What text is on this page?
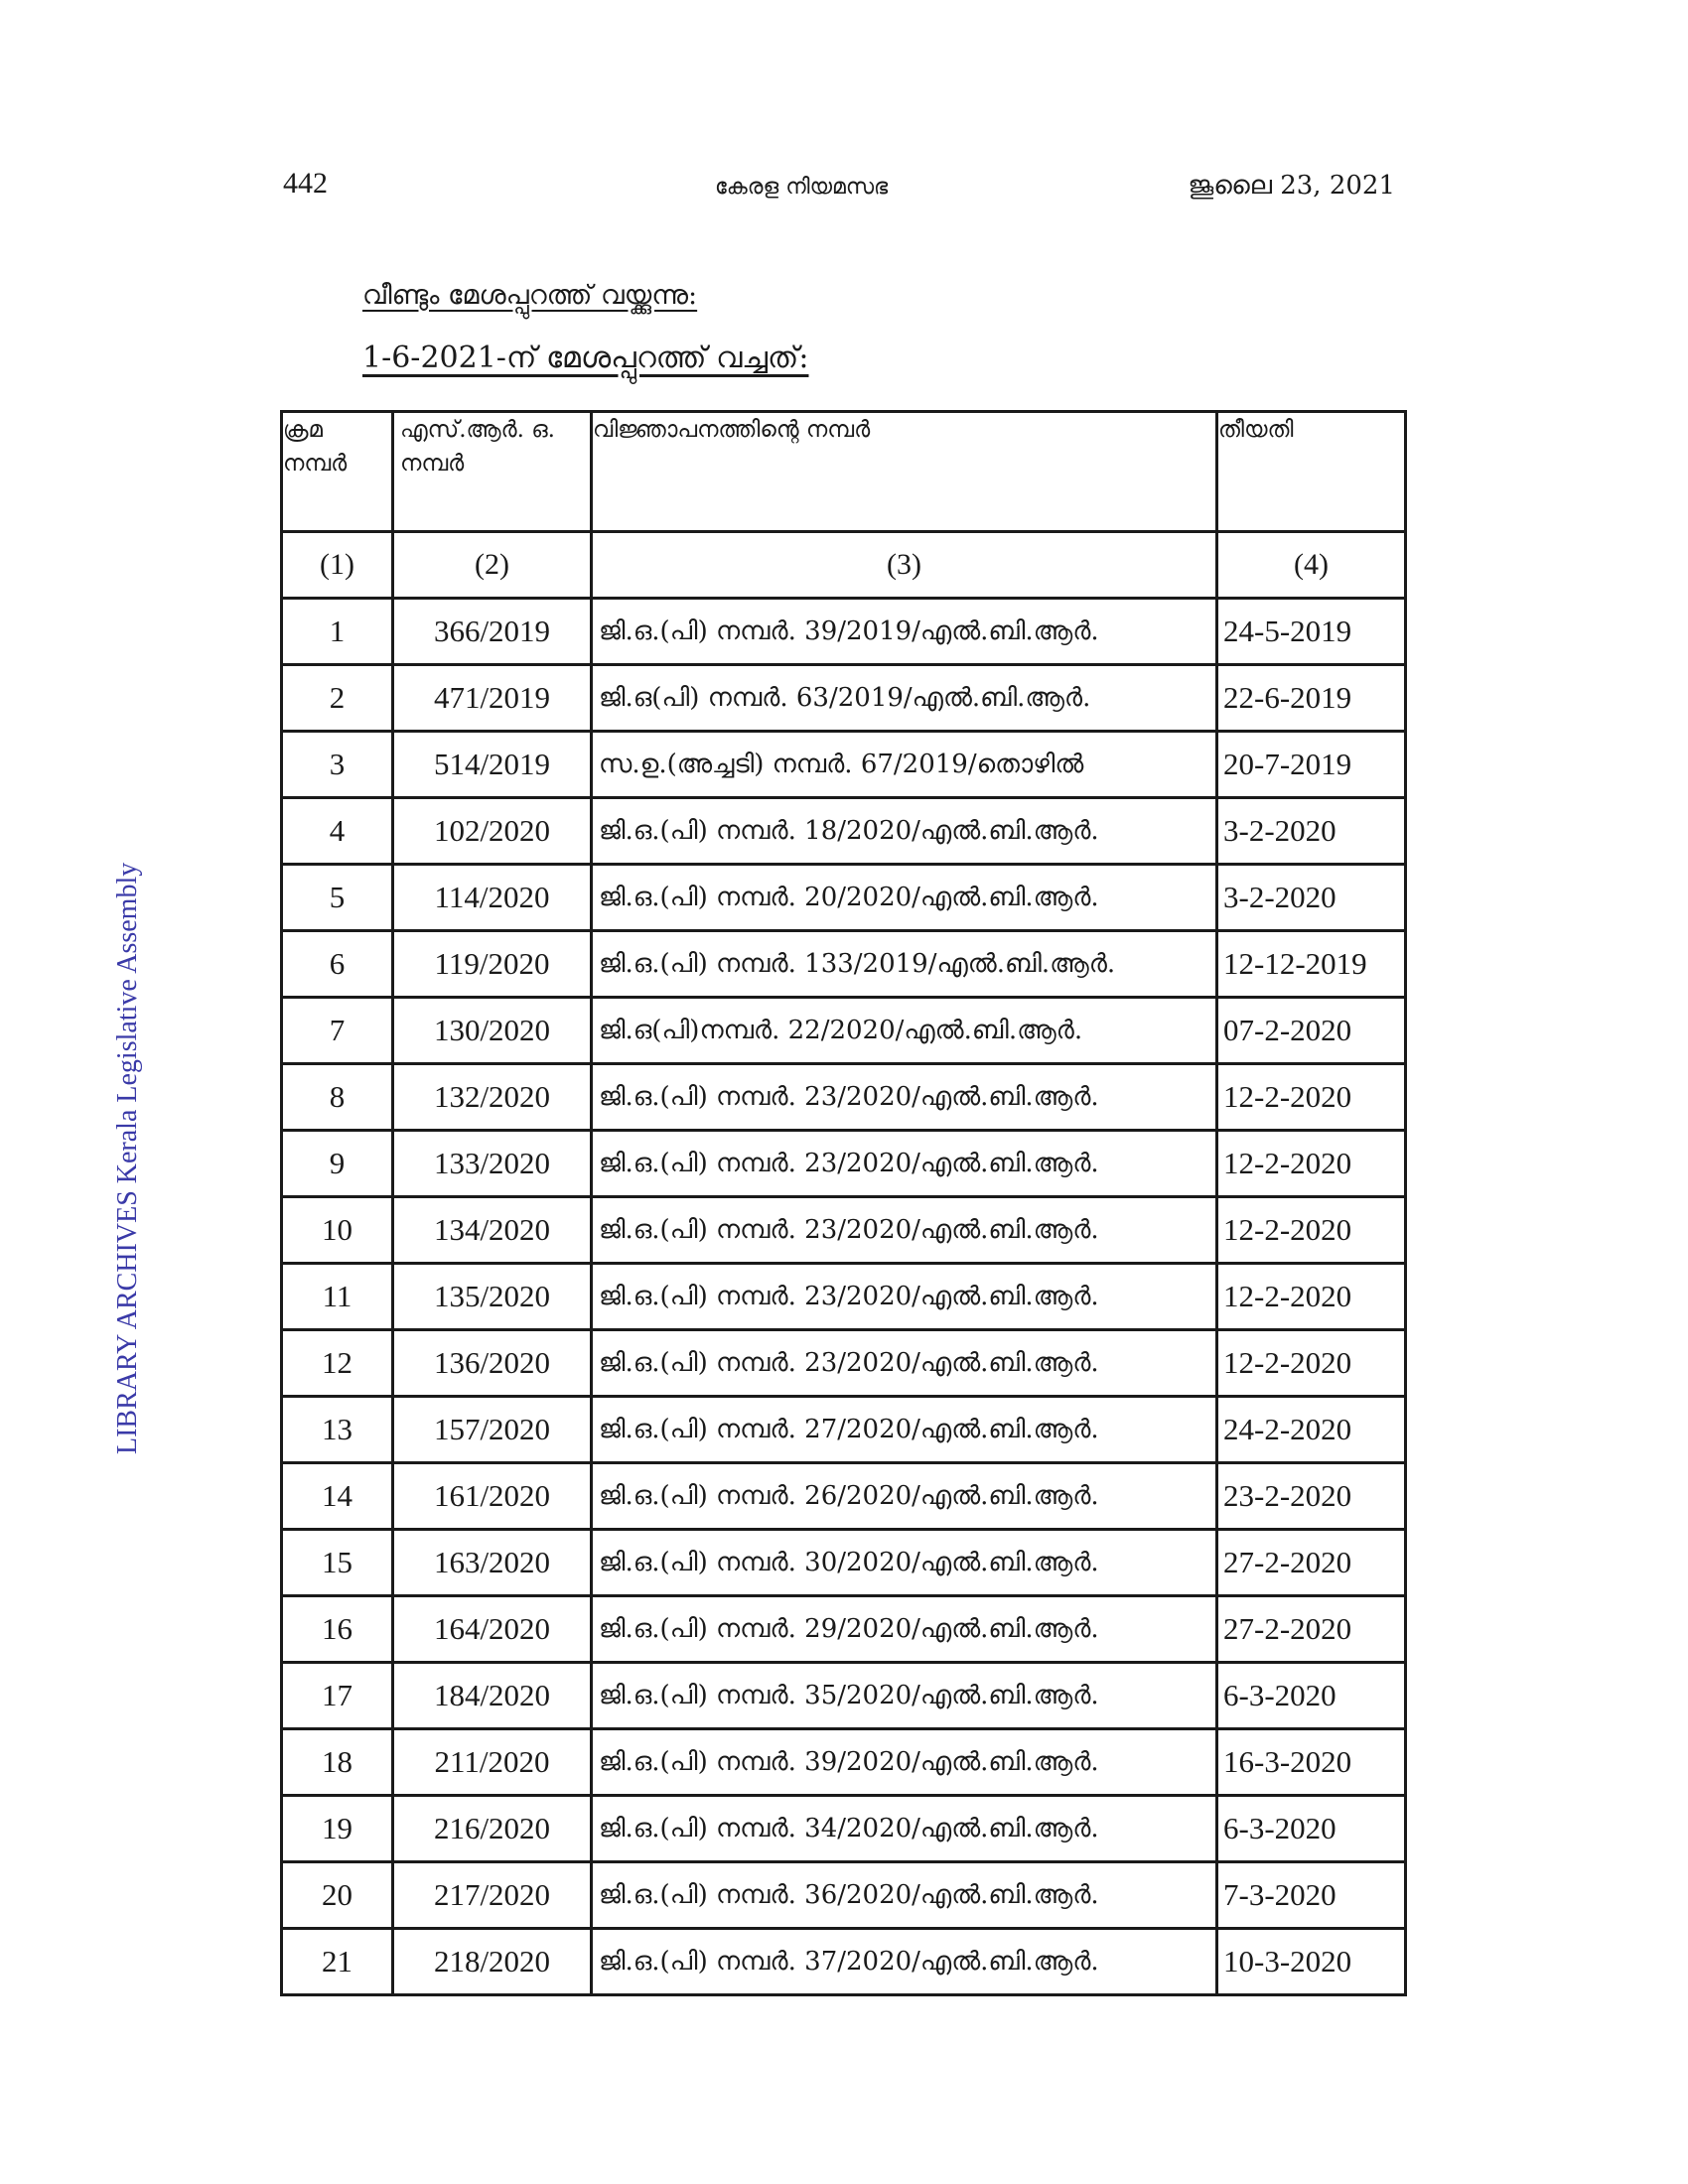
442	കേരള നിയമസഭ	ജൂലൈ 23, 2021
വീണ്ടും മേശപ്പുറത്ത് വയ്ക്കുന്നു:
1-6-2021-ന് മേശപ്പുറത്ത് വച്ചത്:
LIBRARY ARCHIVES Kerala Legislative Assembly
ക്രമ നമ്പർ	എസ്.ആർ. ഒ. നമ്പർ	വിജ്ഞാപനത്തിന്റെ നമ്പർ	തീയതി
(1)	(2)	(3)	(4)
1	366/2019	ജി.ഒ.(പി) നമ്പർ. 39/2019/എൽ.ബി.ആർ.	24-5-2019
2	471/2019	ജി.ഒ(പി) നമ്പർ. 63/2019/എൽ.ബി.ആർ.	22-6-2019
3	514/2019	സ.ഉ.(അച്ചടി) നമ്പർ. 67/2019/തൊഴിൽ	20-7-2019
4	102/2020	ജി.ഒ.(പി) നമ്പർ. 18/2020/എൽ.ബി.ആർ.	3-2-2020
5	114/2020	ജി.ഒ.(പി) നമ്പർ. 20/2020/എൽ.ബി.ആർ.	3-2-2020
6	119/2020	ജി.ഒ.(പി) നമ്പർ. 133/2019/എൽ.ബി.ആർ.	12-12-2019
7	130/2020	ജി.ഒ(പി)നമ്പർ. 22/2020/എൽ.ബി.ആർ.	07-2-2020
8	132/2020	ജി.ഒ.(പി) നമ്പർ. 23/2020/എൽ.ബി.ആർ.	12-2-2020
9	133/2020	ജി.ഒ.(പി) നമ്പർ. 23/2020/എൽ.ബി.ആർ.	12-2-2020
10	134/2020	ജി.ഒ.(പി) നമ്പർ. 23/2020/എൽ.ബി.ആർ.	12-2-2020
11	135/2020	ജി.ഒ.(പി) നമ്പർ. 23/2020/എൽ.ബി.ആർ.	12-2-2020
12	136/2020	ജി.ഒ.(പി) നമ്പർ. 23/2020/എൽ.ബി.ആർ.	12-2-2020
13	157/2020	ജി.ഒ.(പി) നമ്പർ. 27/2020/എൽ.ബി.ആർ.	24-2-2020
14	161/2020	ജി.ഒ.(പി) നമ്പർ. 26/2020/എൽ.ബി.ആർ.	23-2-2020
15	163/2020	ജി.ഒ.(പി) നമ്പർ. 30/2020/എൽ.ബി.ആർ.	27-2-2020
16	164/2020	ജി.ഒ.(പി) നമ്പർ. 29/2020/എൽ.ബി.ആർ.	27-2-2020
17	184/2020	ജി.ഒ.(പി) നമ്പർ. 35/2020/എൽ.ബി.ആർ.	6-3-2020
18	211/2020	ജി.ഒ.(പി) നമ്പർ. 39/2020/എൽ.ബി.ആർ.	16-3-2020
19	216/2020	ജി.ഒ.(പി) നമ്പർ. 34/2020/എൽ.ബി.ആർ.	6-3-2020
20	217/2020	ജി.ഒ.(പി) നമ്പർ. 36/2020/എൽ.ബി.ആർ.	7-3-2020
21	218/2020	ജി.ഒ.(പി) നമ്പർ. 37/2020/എൽ.ബി.ആർ.	10-3-2020
